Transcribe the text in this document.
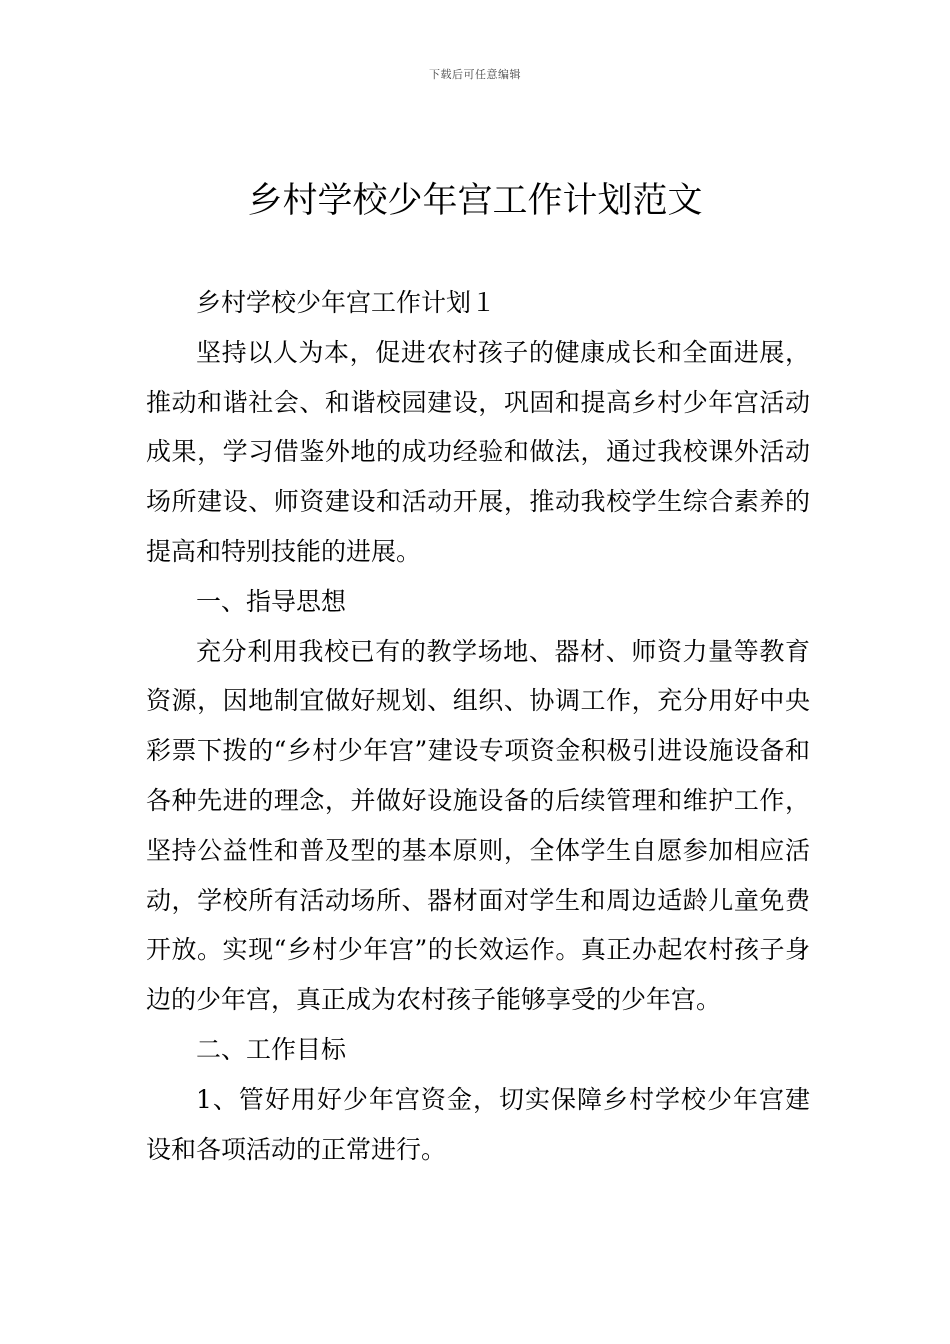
下载后可任意编辑
乡村学校少年宫工作计划范文

乡村学校少年宫工作计划１

坚持以人为本，促进农村孩子的健康成长和全面进展，推动和谐社会、和谐校园建设，巩固和提高乡村少年宫活动成果，学习借鉴外地的成功经验和做法，通过我校课外活动场所建设、师资建设和活动开展，推动我校学生综合素养的提高和特别技能的进展。

一、指导思想

充分利用我校已有的教学场地、器材、师资力量等教育资源，因地制宜做好规划、组织、协调工作，充分用好中央彩票下拨的“乡村少年宫”建设专项资金积极引进设施设备和各种先进的理念，并做好设施设备的后续管理和维护工作，坚持公益性和普及型的基本原则，全体学生自愿参加相应活动，学校所有活动场所、器材面对学生和周边适龄儿童免费开放。实现“乡村少年宫”的长效运作。真正办起农村孩子身边的少年宫，真正成为农村孩子能够享受的少年宫。

二、工作目标

1、管好用好少年宫资金，切实保障乡村学校少年宫建设和各项活动的正常进行。
